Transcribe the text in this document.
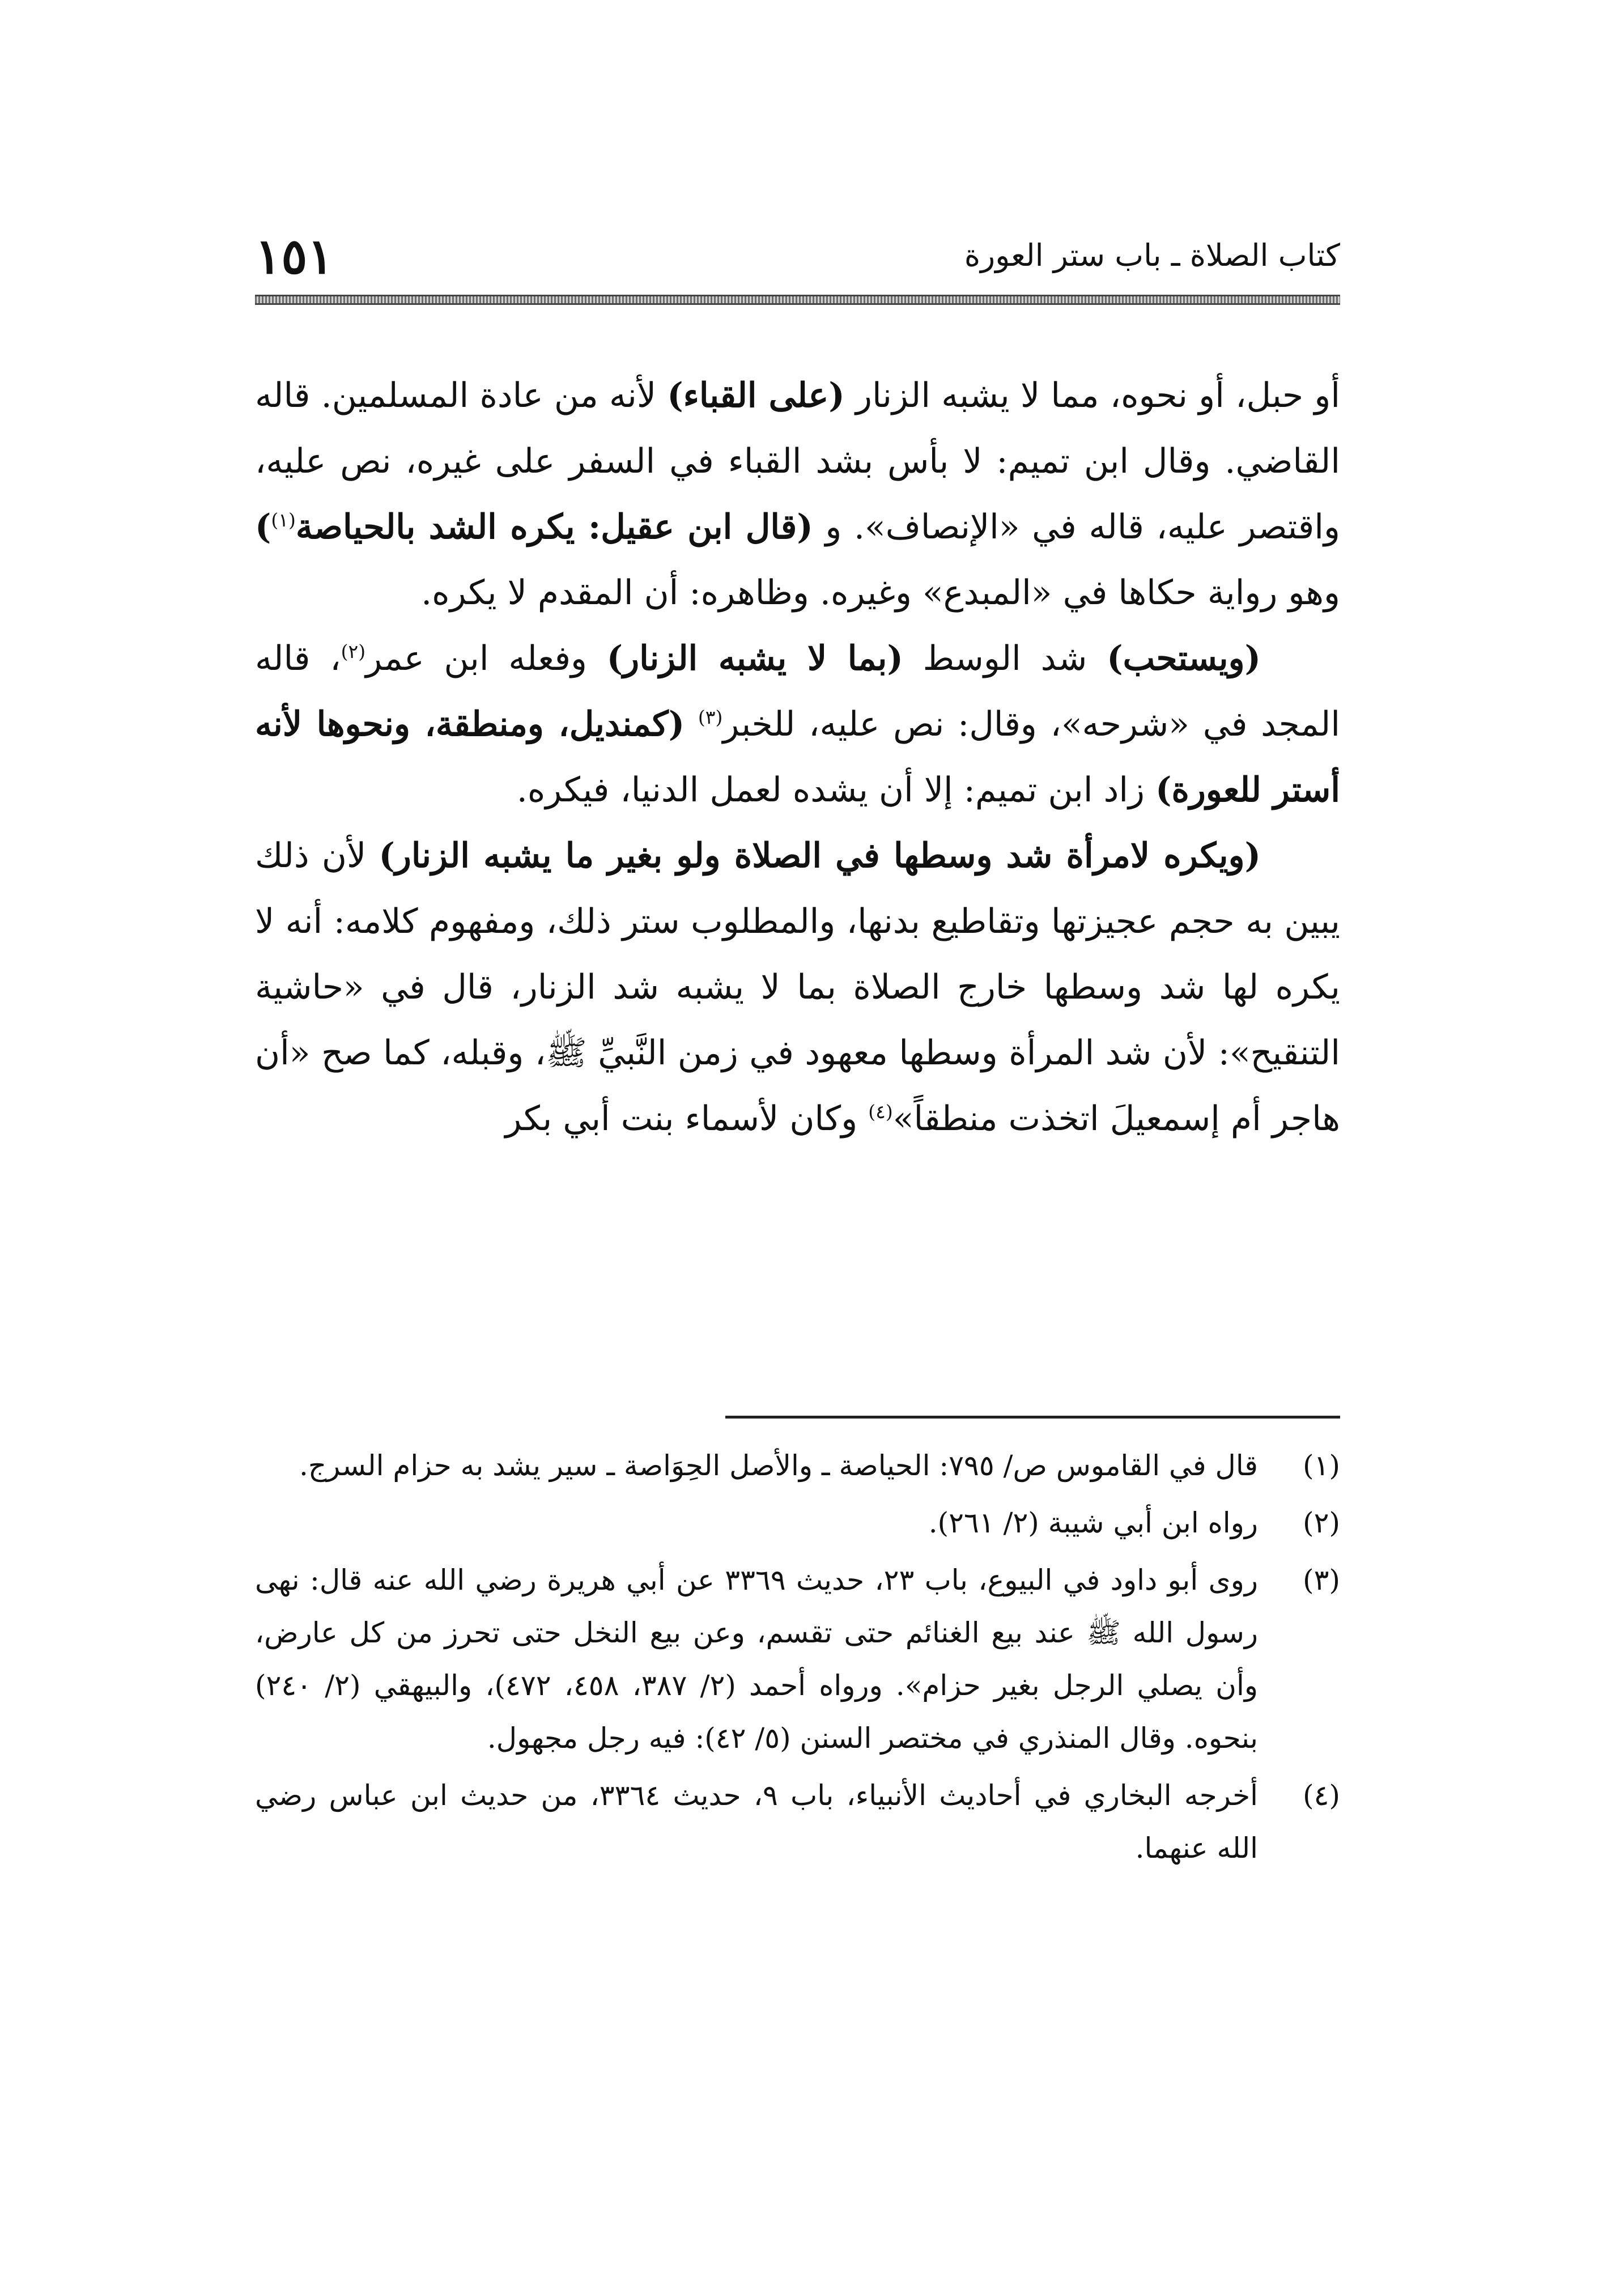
١٥١	كتاب الصلاة ـ باب ستر العورة

أو حبل، أو نحوه، مما لا يشبه الزنار (على القباء) لأنه من عادة المسلمين. قاله القاضي. وقال ابن تميم: لا بأس بشد القباء في السفر على غيره، نص عليه، واقتصر عليه، قاله في «الإنصاف». و (قال ابن عقيل: يكره الشد بالحياصة$^{(١)}$) وهو رواية حكاها في «المبدع» وغيره. وظاهره: أن المقدم لا يكره.

(ويستحب) شد الوسط (بما لا يشبه الزنار) وفعله ابن عمر$^{(٢)}$، قاله المجد في «شرحه»، وقال: نص عليه، للخبر$^{(٣)}$ (كمنديل، ومنطقة، ونحوها لأنه أستر للعورة) زاد ابن تميم: إلا أن يشده لعمل الدنيا، فيكره.

(ويكره لامرأة شد وسطها في الصلاة ولو بغير ما يشبه الزنار) لأن ذلك يبين به حجم عجيزتها وتقاطيع بدنها، والمطلوب ستر ذلك، ومفهوم كلامه: أنه لا يكره لها شد وسطها خارج الصلاة بما لا يشبه شد الزنار، قال في «حاشية التنقيح»: لأن شد المرأة وسطها معهود في زمن النَّبيِّ ﷺ، وقبله، كما صح «أن هاجر أم إسمعيلَ اتخذت منطقاً»$^{(٤)}$ وكان لأسماء بنت أبي بكر

(١)
قال في القاموس ص/ ٧٩٥: الحياصة ـ والأصل الحِوَاصة ـ سير يشد به حزام السرج.
(٢)
رواه ابن أبي شيبة (٢/ ٢٦١).
(٣)
روى أبو داود في البيوع، باب ٢٣، حديث ٣٣٦٩ عن أبي هريرة رضي الله عنه قال: نهى رسول الله ﷺ عند بيع الغنائم حتى تقسم، وعن بيع النخل حتى تحرز من كل عارض، وأن يصلي الرجل بغير حزام». ورواه أحمد (٢/ ٣٨٧، ٤٥٨، ٤٧٢)، والبيهقي (٢/ ٢٤٠) بنحوه. وقال المنذري في مختصر السنن (٥/ ٤٢): فيه رجل مجهول.
(٤)
أخرجه البخاري في أحاديث الأنبياء، باب ٩، حديث ٣٣٦٤، من حديث ابن عباس رضي الله عنهما.
